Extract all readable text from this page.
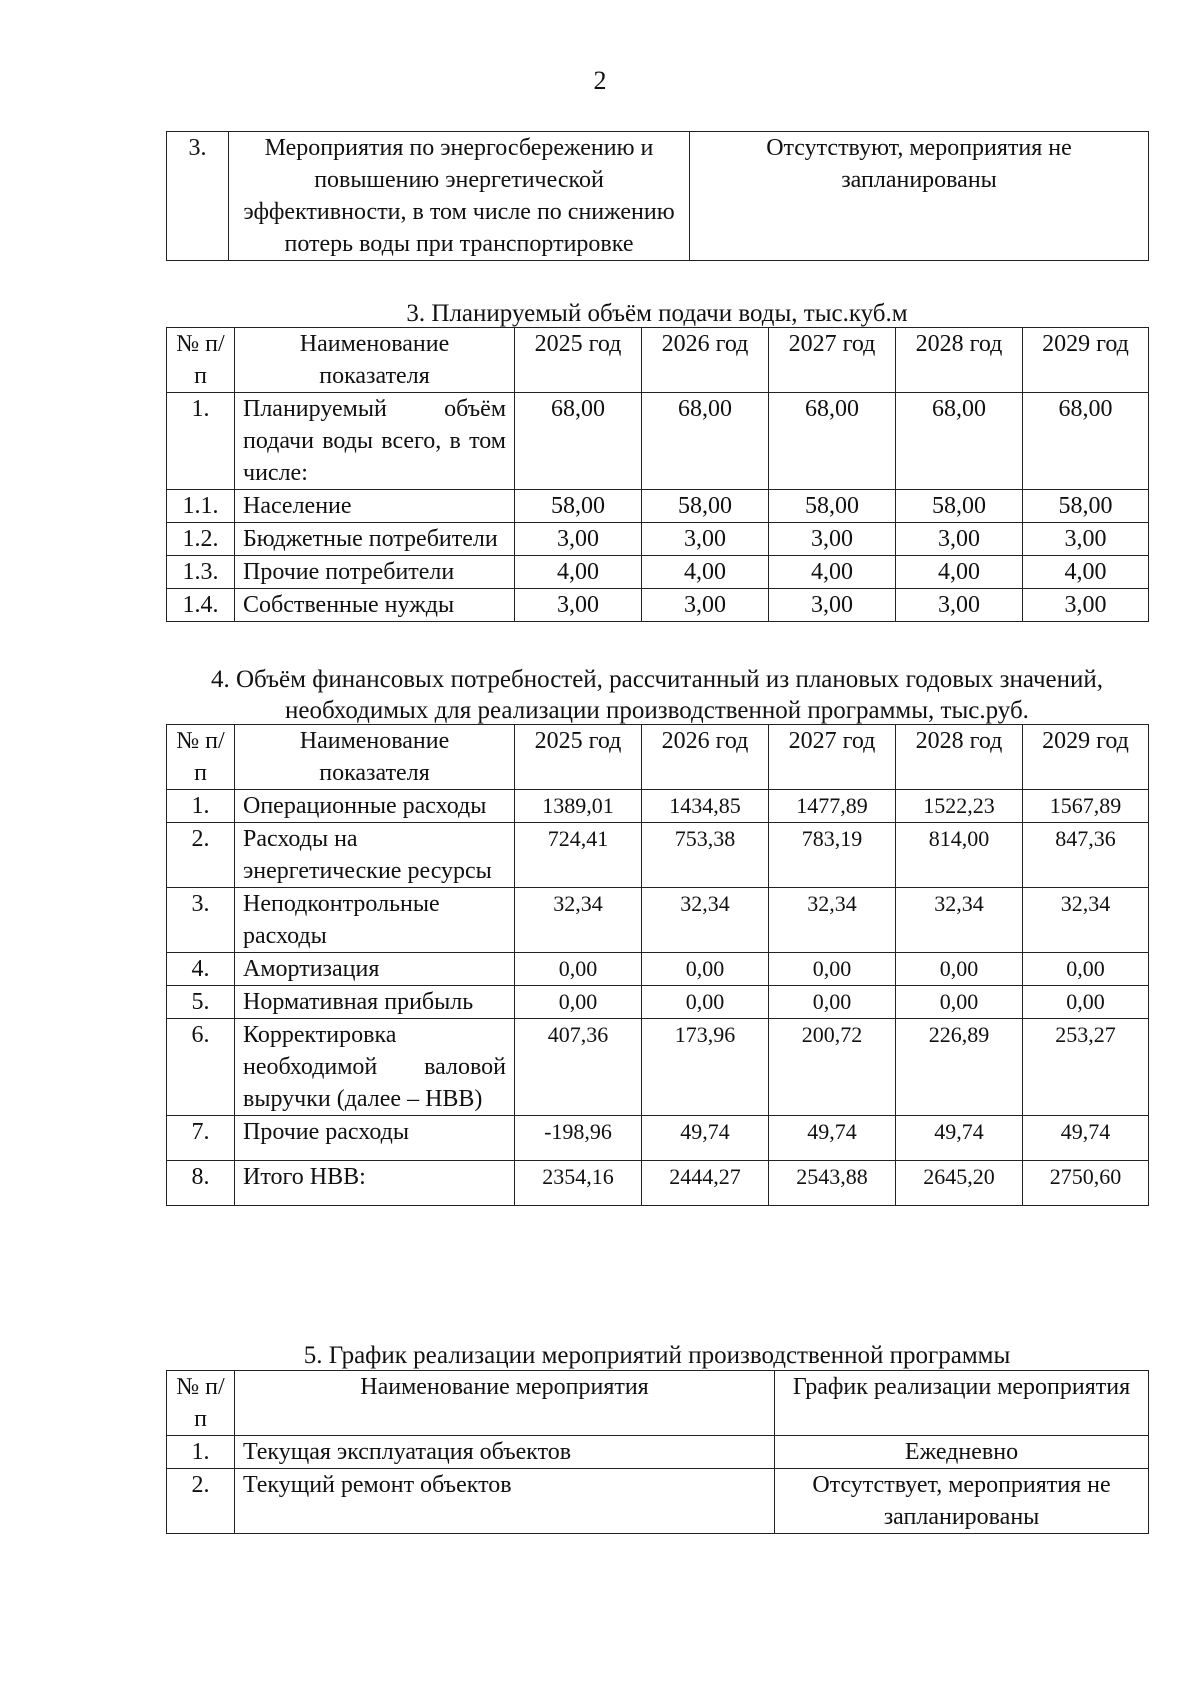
2
3.	Мероприятия по энергосбережению и повышению энергетической эффективности, в том числе по снижению потерь воды при транспортировке	Отсутствуют, мероприятия не запланированы
3. Планируемый объём подачи воды, тыс.куб.м
№ п/п	Наименование показателя	2025 год	2026 год	2027 год	2028 год	2029 год
1.	Планируемый объём подачи воды всего, в том числе:	68,00	68,00	68,00	68,00	68,00
1.1.	Население	58,00	58,00	58,00	58,00	58,00
1.2.	Бюджетные потребители	3,00	3,00	3,00	3,00	3,00
1.3.	Прочие потребители	4,00	4,00	4,00	4,00	4,00
1.4.	Собственные нужды	3,00	3,00	3,00	3,00	3,00
4. Объём финансовых потребностей, рассчитанный из плановых годовых значений, необходимых для реализации производственной программы, тыс.руб.
№ п/п	Наименование показателя	2025 год	2026 год	2027 год	2028 год	2029 год
1.	Операционные расходы	1389,01	1434,85	1477,89	1522,23	1567,89
2.	Расходы на энергетические ресурсы	724,41	753,38	783,19	814,00	847,36
3.	Неподконтрольные расходы	32,34	32,34	32,34	32,34	32,34
4.	Амортизация	0,00	0,00	0,00	0,00	0,00
5.	Нормативная прибыль	0,00	0,00	0,00	0,00	0,00
6.	Корректировка необходимой валовой выручки (далее – НВВ)	407,36	173,96	200,72	226,89	253,27
7.	Прочие расходы	-198,96	49,74	49,74	49,74	49,74
8.	Итого НВВ:	2354,16	2444,27	2543,88	2645,20	2750,60
5. График реализации мероприятий производственной программы
№ п/п	Наименование мероприятия	График реализации мероприятия
1.	Текущая эксплуатация объектов	Ежедневно
2.	Текущий ремонт объектов	Отсутствует, мероприятия не запланированы
